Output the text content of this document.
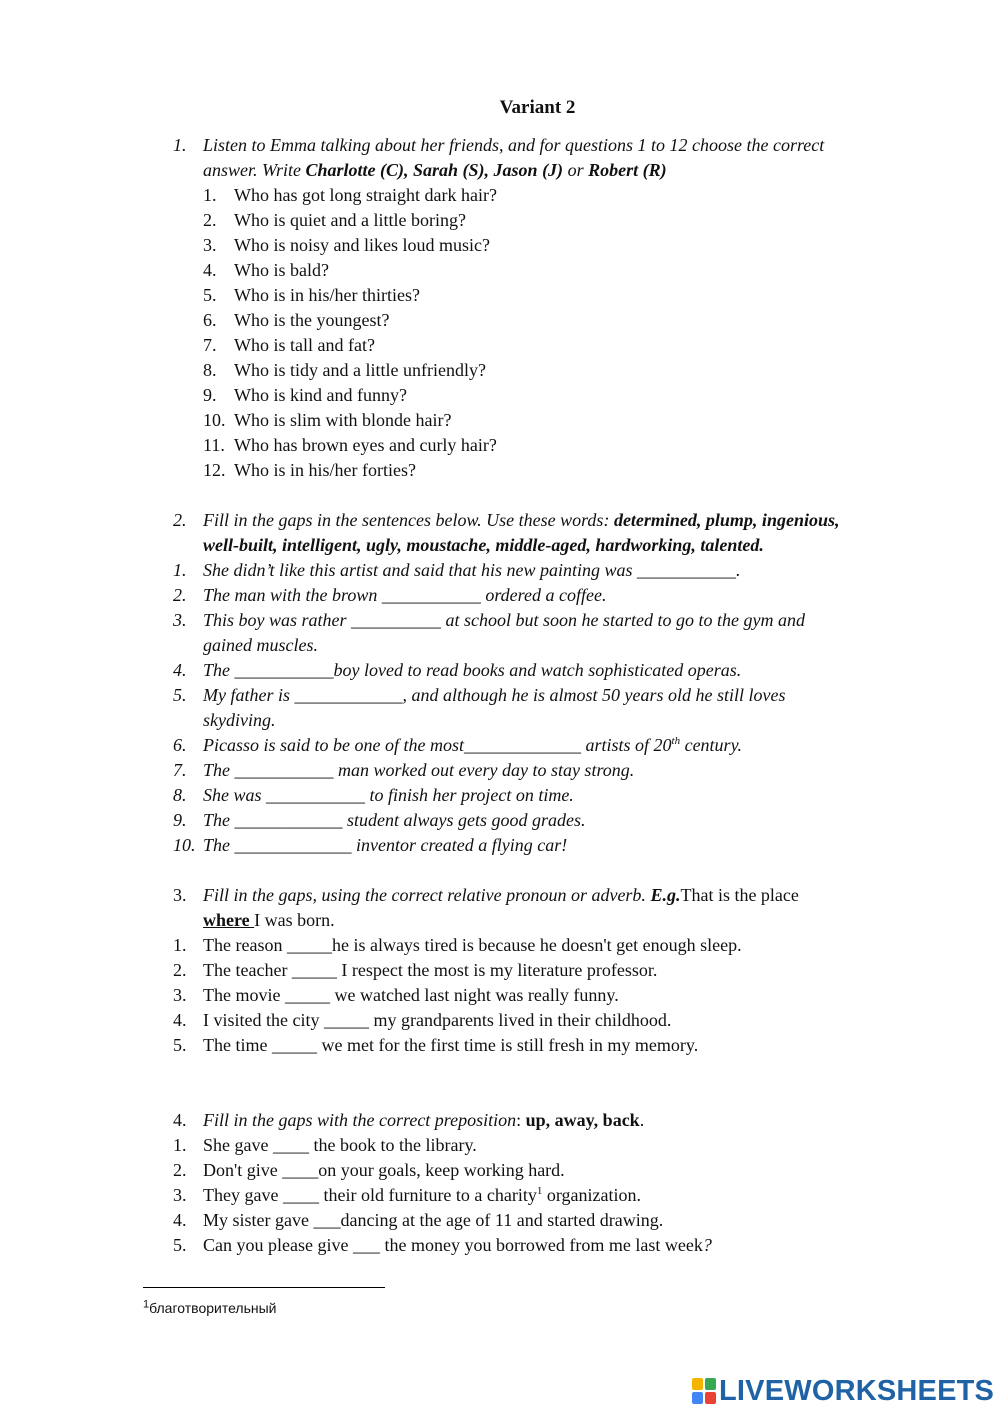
Variant 2
1. Listen to Emma talking about her friends, and for questions 1 to 12 choose the correct
answer. Write Charlotte (C), Sarah (S), Jason (J) or Robert (R)
1. Who has got long straight dark hair?
2. Who is quiet and a little boring?
3. Who is noisy and likes loud music?
4. Who is bald?
5. Who is in his/her thirties?
6. Who is the youngest?
7. Who is tall and fat?
8. Who is tidy and a little unfriendly?
9. Who is kind and funny?
10. Who is slim with blonde hair?
11. Who has brown eyes and curly hair?
12. Who is in his/her forties?
2. Fill in the gaps in the sentences below. Use these words: determined, plump, ingenious,
well-built, intelligent, ugly, moustache, middle-aged, hardworking, talented.
1. She didn’t like this artist and said that his new painting was ___________.
2. The man with the brown ___________ ordered a coffee.
3. This boy was rather __________ at school but soon he started to go to the gym and
gained muscles.
4. The ___________boy loved to read books and watch sophisticated operas.
5. My father is ____________, and although he is almost 50 years old he still loves
skydiving.
6. Picasso is said to be one of the most_____________ artists of 20th century.
7. The ___________ man worked out every day to stay strong.
8. She was ___________ to finish her project on time.
9. The ____________ student always gets good grades.
10. The _____________ inventor created a flying car!
3. Fill in the gaps, using the correct relative pronoun or adverb. E.g.That is the place
where I was born.
1. The reason _____he is always tired is because he doesn't get enough sleep.
2. The teacher _____ I respect the most is my literature professor.
3. The movie _____ we watched last night was really funny.
4. I visited the city _____ my grandparents lived in their childhood.
5. The time _____ we met for the first time is still fresh in my memory.
4. Fill in the gaps with the correct preposition: up, away, back.
1. She gave ____ the book to the library.
2. Don't give ____on your goals, keep working hard.
3. They gave ____ their old furniture to a charity$^1$ organization.
4. My sister gave ___dancing at the age of 11 and started drawing.
5. Can you please give ___ the money you borrowed from me last week?
$^1$благотворительный
LIVEWORKSHEETS
